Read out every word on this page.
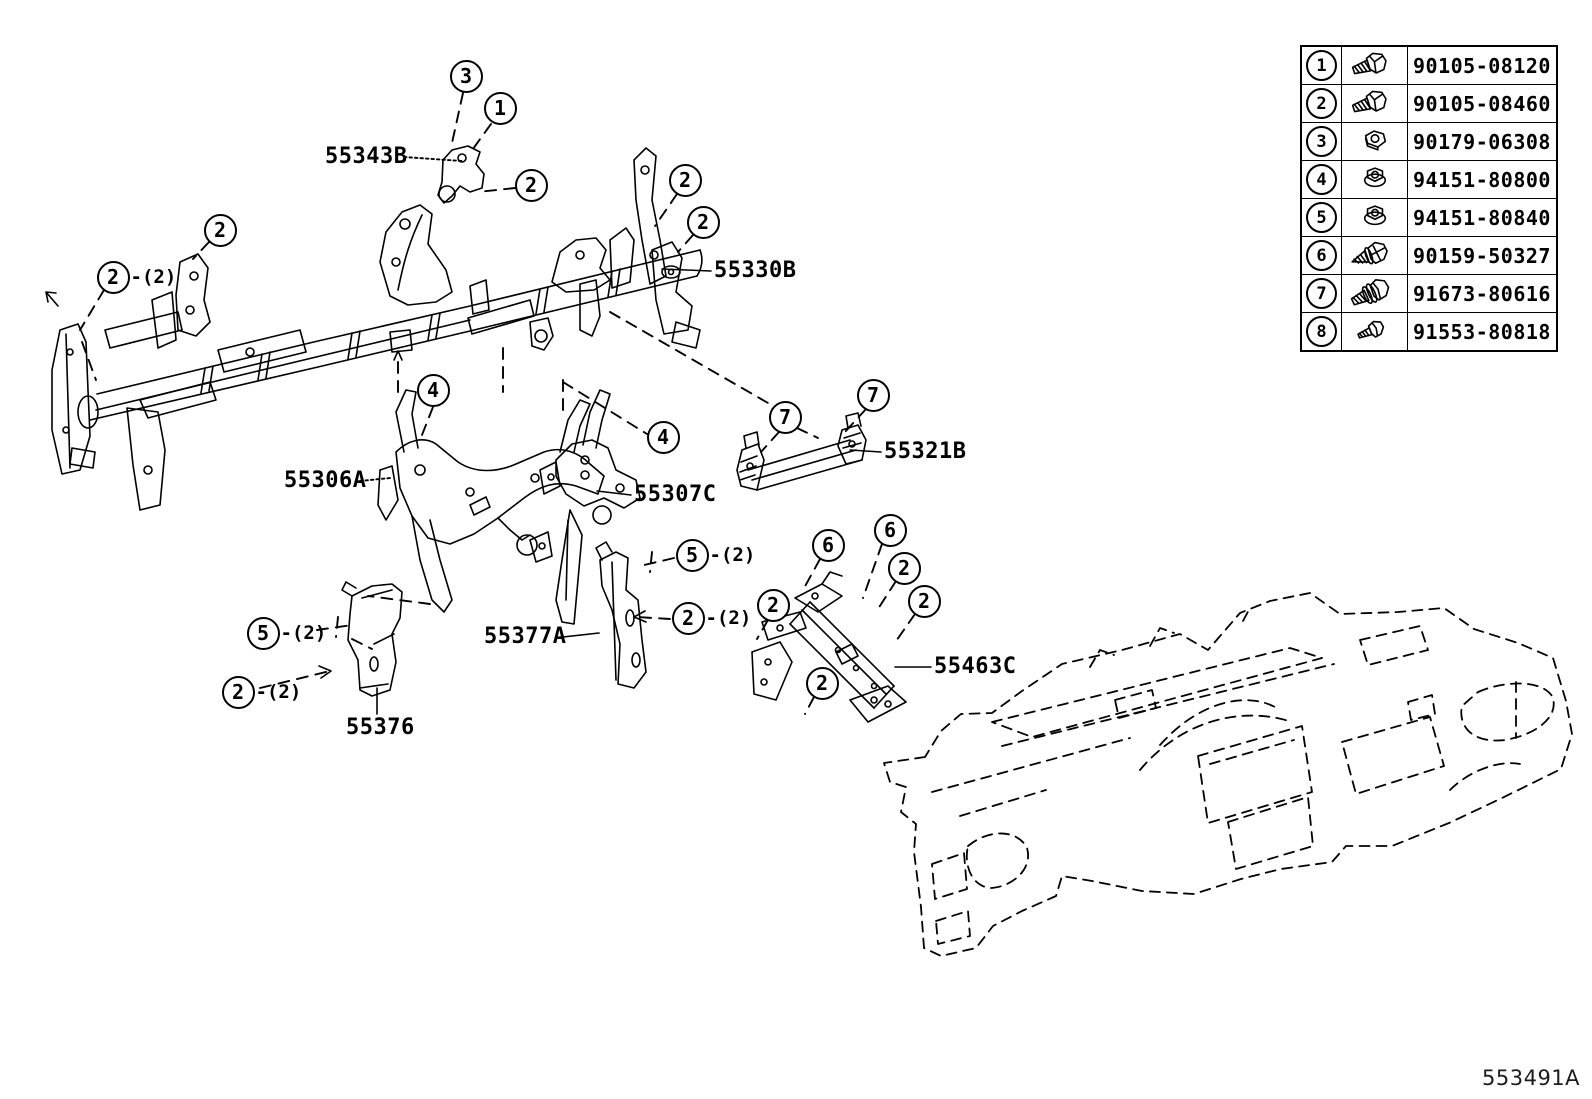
1		90105-08120

2		90105-08460

3		90179-06308

4		94151-80800

5		94151-80840

6		90159-50327

7		91673-80616

8		91553-80818
3
1
2	2
2
2
2 -(2)
4
4
7
7
5 -(2)
2 -(2)
5 -(2)
2 -(2)
2
6
6
2
2
2
55343B
55330B
55306A
55307C
55321B
55377A
55376
55463C
553491A
